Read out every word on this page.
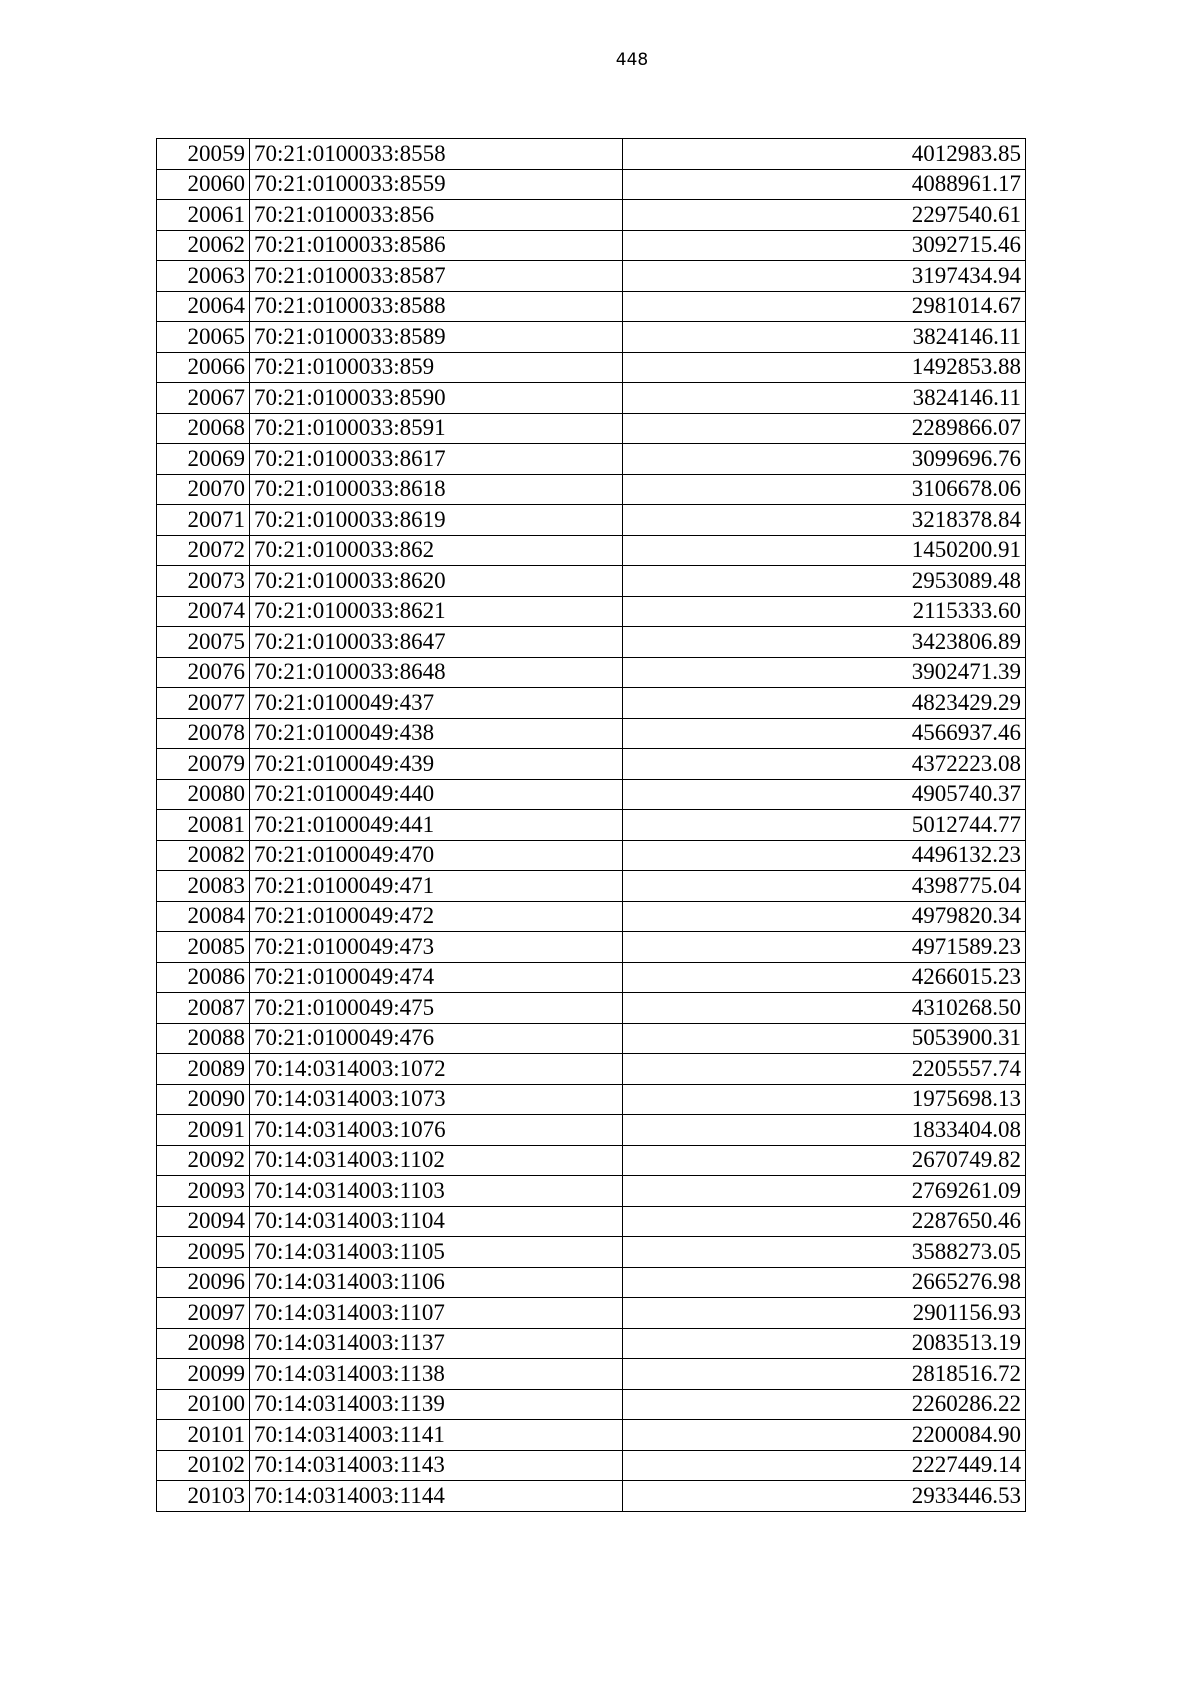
448
20059	70:21:0100033:8558	4012983.85
20060	70:21:0100033:8559	4088961.17
20061	70:21:0100033:856	2297540.61
20062	70:21:0100033:8586	3092715.46
20063	70:21:0100033:8587	3197434.94
20064	70:21:0100033:8588	2981014.67
20065	70:21:0100033:8589	3824146.11
20066	70:21:0100033:859	1492853.88
20067	70:21:0100033:8590	3824146.11
20068	70:21:0100033:8591	2289866.07
20069	70:21:0100033:8617	3099696.76
20070	70:21:0100033:8618	3106678.06
20071	70:21:0100033:8619	3218378.84
20072	70:21:0100033:862	1450200.91
20073	70:21:0100033:8620	2953089.48
20074	70:21:0100033:8621	2115333.60
20075	70:21:0100033:8647	3423806.89
20076	70:21:0100033:8648	3902471.39
20077	70:21:0100049:437	4823429.29
20078	70:21:0100049:438	4566937.46
20079	70:21:0100049:439	4372223.08
20080	70:21:0100049:440	4905740.37
20081	70:21:0100049:441	5012744.77
20082	70:21:0100049:470	4496132.23
20083	70:21:0100049:471	4398775.04
20084	70:21:0100049:472	4979820.34
20085	70:21:0100049:473	4971589.23
20086	70:21:0100049:474	4266015.23
20087	70:21:0100049:475	4310268.50
20088	70:21:0100049:476	5053900.31
20089	70:14:0314003:1072	2205557.74
20090	70:14:0314003:1073	1975698.13
20091	70:14:0314003:1076	1833404.08
20092	70:14:0314003:1102	2670749.82
20093	70:14:0314003:1103	2769261.09
20094	70:14:0314003:1104	2287650.46
20095	70:14:0314003:1105	3588273.05
20096	70:14:0314003:1106	2665276.98
20097	70:14:0314003:1107	2901156.93
20098	70:14:0314003:1137	2083513.19
20099	70:14:0314003:1138	2818516.72
20100	70:14:0314003:1139	2260286.22
20101	70:14:0314003:1141	2200084.90
20102	70:14:0314003:1143	2227449.14
20103	70:14:0314003:1144	2933446.53
